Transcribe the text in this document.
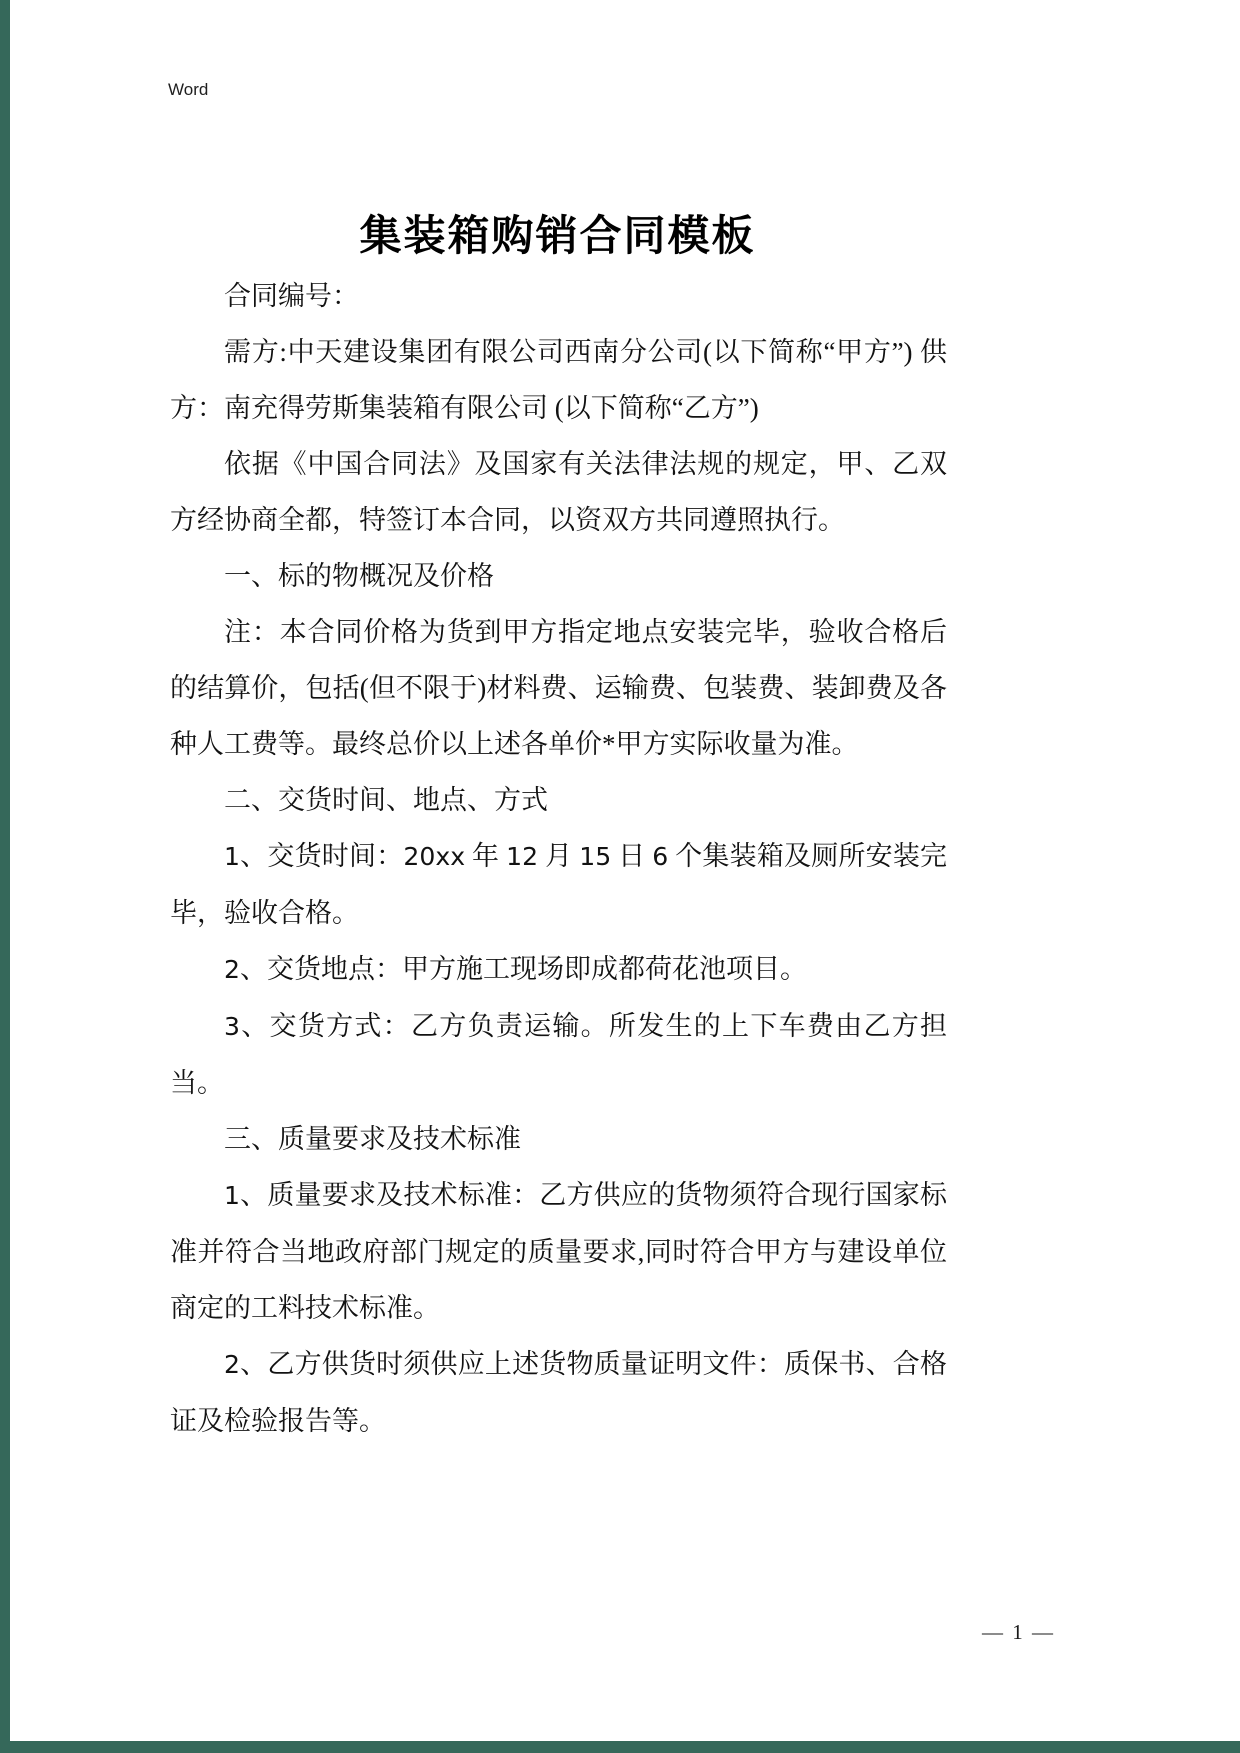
Word
集装箱购销合同模板

合同编号：

需方:中天建设集团有限公司西南分公司(以下简称“甲方”) 供方：南充得劳斯集装箱有限公司 (以下简称“乙方”)

依据《中国合同法》及国家有关法律法规的规定，甲、乙双方经协商全都，特签订本合同，以资双方共同遵照执行。

一、标的物概况及价格

注：本合同价格为货到甲方指定地点安装完毕，验收合格后的结算价，包括(但不限于)材料费、运输费、包装费、装卸费及各种人工费等。最终总价以上述各单价*甲方实际收量为准。

二、交货时间、地点、方式

1、交货时间：20xx 年 12 月 15 日 6 个集装箱及厕所安装完毕，验收合格。

2、交货地点：甲方施工现场即成都荷花池项目。

3、交货方式：乙方负责运输。所发生的上下车费由乙方担当。

三、质量要求及技术标准

1、质量要求及技术标准：乙方供应的货物须符合现行国家标准并符合当地政府部门规定的质量要求,同时符合甲方与建设单位商定的工料技术标准。

2、乙方供货时须供应上述货物质量证明文件：质保书、合格证及检验报告等。

— 1 —
